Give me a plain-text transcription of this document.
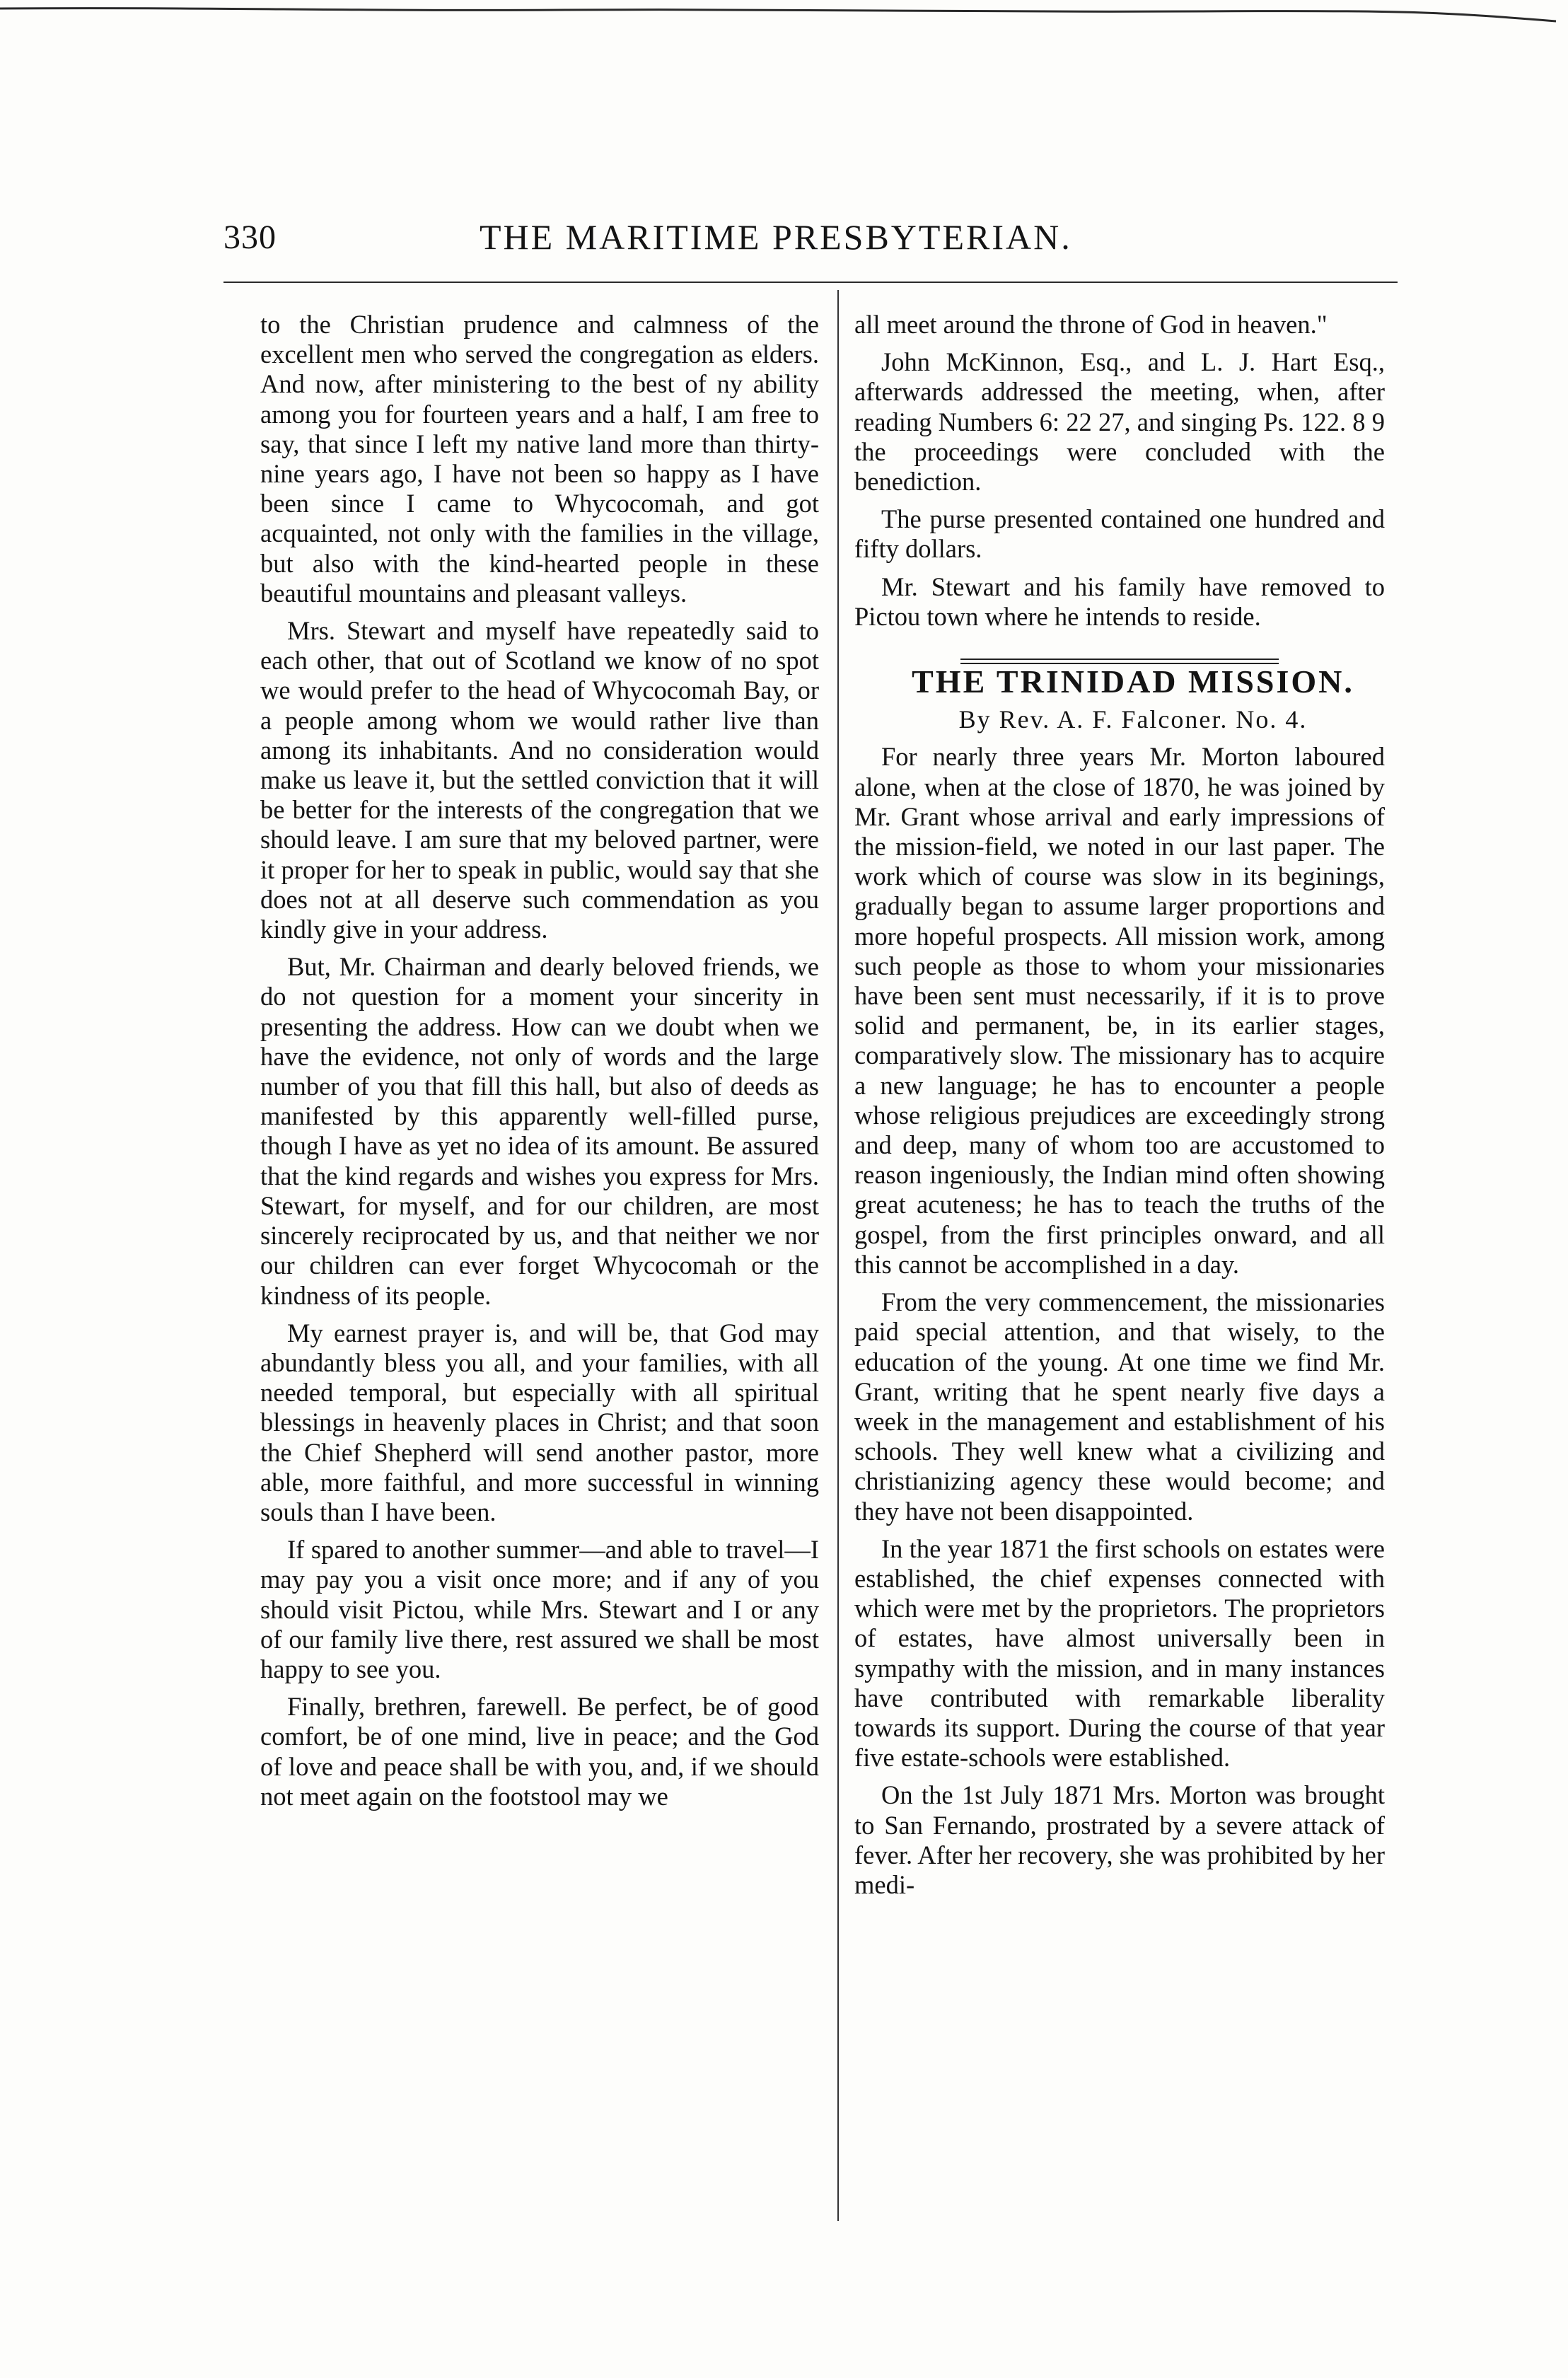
330	THE MARITIME PRESBYTERIAN.

to the Christian prudence and calmness of the excellent men who served the congregation as elders. And now, after ministering to the best of ny ability among you for fourteen years and a half, I am free to say, that since I left my native land more than thirty-nine years ago, I have not been so happy as I have been since I came to Whycocomah, and got acquainted, not only with the families in the village, but also with the kind-hearted people in these beautiful mountains and pleasant valleys.

Mrs. Stewart and myself have repeatedly said to each other, that out of Scotland we know of no spot we would prefer to the head of Whycocomah Bay, or a people among whom we would rather live than among its inhabitants. And no consideration would make us leave it, but the settled conviction that it will be better for the interests of the congregation that we should leave. I am sure that my beloved partner, were it proper for her to speak in public, would say that she does not at all deserve such commendation as you kindly give in your address.

But, Mr. Chairman and dearly beloved friends, we do not question for a moment your sincerity in presenting the address. How can we doubt when we have the evidence, not only of words and the large number of you that fill this hall, but also of deeds as manifested by this apparently well-filled purse, though I have as yet no idea of its amount. Be assured that the kind regards and wishes you express for Mrs. Stewart, for myself, and for our children, are most sincerely reciprocated by us, and that neither we nor our children can ever forget Whycocomah or the kindness of its people.

My earnest prayer is, and will be, that God may abundantly bless you all, and your families, with all needed temporal, but especially with all spiritual blessings in heavenly places in Christ; and that soon the Chief Shepherd will send another pastor, more able, more faithful, and more successful in winning souls than I have been.

If spared to another summer—and able to travel—I may pay you a visit once more; and if any of you should visit Pictou, while Mrs. Stewart and I or any of our family live there, rest assured we shall be most happy to see you.

Finally, brethren, farewell. Be perfect, be of good comfort, be of one mind, live in peace; and the God of love and peace shall be with you, and, if we should not meet again on the footstool may we

all meet around the throne of God in heaven."

John McKinnon, Esq., and L. J. Hart Esq., afterwards addressed the meeting, when, after reading Numbers 6: 22 27, and singing Ps. 122. 8 9 the proceedings were concluded with the benediction.

The purse presented contained one hundred and fifty dollars.

Mr. Stewart and his family have removed to Pictou town where he intends to reside.

THE TRINIDAD MISSION.

By Rev. A. F. Falconer. No. 4.

For nearly three years Mr. Morton laboured alone, when at the close of 1870, he was joined by Mr. Grant whose arrival and early impressions of the mission-field, we noted in our last paper. The work which of course was slow in its beginings, gradually began to assume larger proportions and more hopeful prospects. All mission work, among such people as those to whom your missionaries have been sent must necessarily, if it is to prove solid and permanent, be, in its earlier stages, comparatively slow. The missionary has to acquire a new language; he has to encounter a people whose religious prejudices are exceedingly strong and deep, many of whom too are accustomed to reason ingeniously, the Indian mind often showing great acuteness; he has to teach the truths of the gospel, from the first principles onward, and all this cannot be accomplished in a day.

From the very commencement, the missionaries paid special attention, and that wisely, to the education of the young. At one time we find Mr. Grant, writing that he spent nearly five days a week in the management and establishment of his schools. They well knew what a civilizing and christianizing agency these would become; and they have not been disappointed.

In the year 1871 the first schools on estates were established, the chief expenses connected with which were met by the proprietors. The proprietors of estates, have almost universally been in sympathy with the mission, and in many instances have contributed with remarkable liberality towards its support. During the course of that year five estate-schools were established.

On the 1st July 1871 Mrs. Morton was brought to San Fernando, prostrated by a severe attack of fever. After her recovery, she was prohibited by her medi-
